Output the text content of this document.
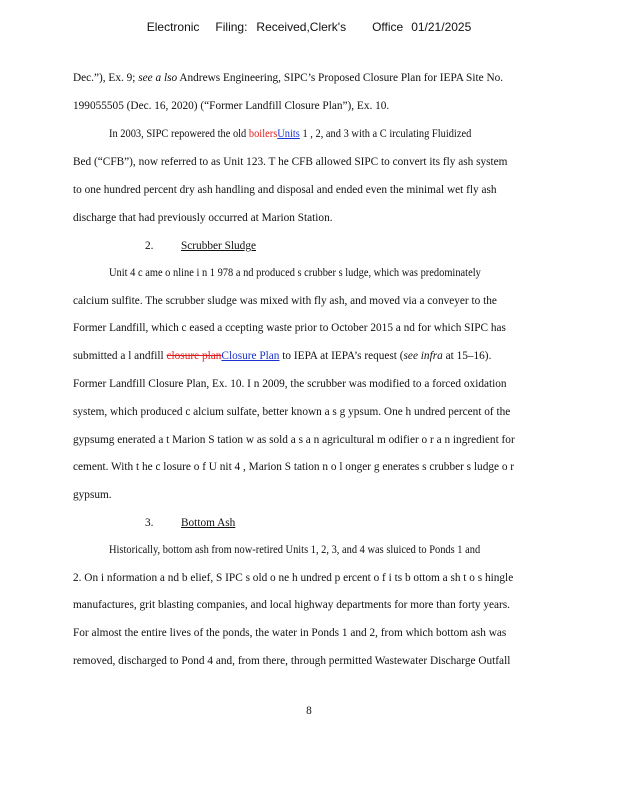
Electronic Filing: Received,Clerk's Office 01/21/2025
Dec.”), Ex. 9; see a lso Andrews Engineering, SIPC’s Proposed Closure Plan for IEPA Site No.
199055505 (Dec. 16, 2020) (“Former Landfill Closure Plan”), Ex. 10.
In 2003, SIPC repowered the old boilersUnits 1 , 2, and 3 with a C irculating Fluidized
Bed (“CFB”), now referred to as Unit 123. T he CFB allowed SIPC to convert its fly ash system
to one hundred percent dry ash handling and disposal and ended even the minimal wet fly ash
discharge that had previously occurred at Marion Station.
2. Scrubber Sludge
Unit 4 c ame o nline i n 1 978 a nd produced s crubber s ludge, which was predominately
calcium sulfite. The scrubber sludge was mixed with fly ash, and moved via a conveyer to the
Former Landfill, which c eased a ccepting waste prior to October 2015 a nd for which SIPC has
submitted a l andfill closure planClosure Plan to IEPA at IEPA’s request (see infra at 15–16).
Former Landfill Closure Plan, Ex. 10. I n 2009, the scrubber was modified to a forced oxidation
system, which produced c alcium sulfate, better known a s g ypsum. One h undred percent of the
gypsumg enerated a t Marion S tation w as sold a s a n agricultural m odifier o r a n ingredient for
cement. With t he c losure o f U nit 4 , Marion S tation n o l onger g enerates s crubber s ludge o r
gypsum.
3. Bottom Ash
Historically, bottom ash from now-retired Units 1, 2, 3, and 4 was sluiced to Ponds 1 and
2. On i nformation a nd b elief, S IPC s old o ne h undred p ercent o f i ts b ottom a sh t o s hingle
manufactures, grit blasting companies, and local highway departments for more than forty years.
For almost the entire lives of the ponds, the water in Ponds 1 and 2, from which bottom ash was
removed, discharged to Pond 4 and, from there, through permitted Wastewater Discharge Outfall
8
